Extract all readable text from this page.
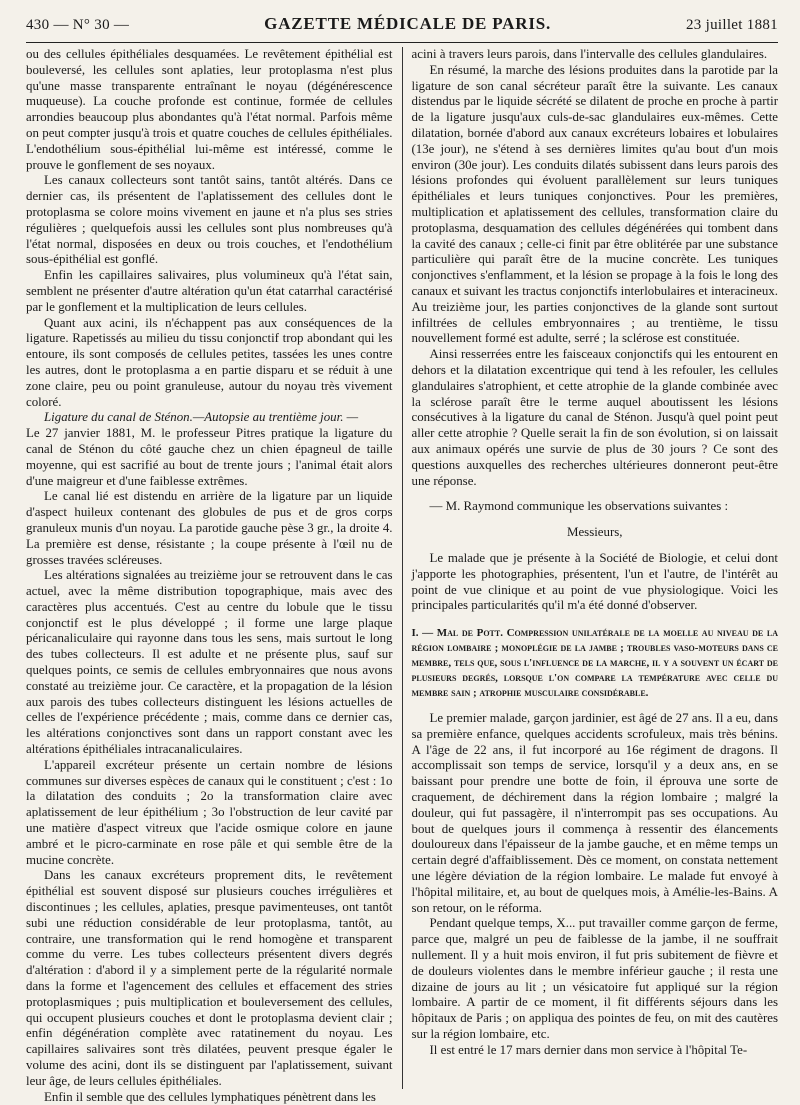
430 — N° 30 —	GAZETTE MÉDICALE DE PARIS.	23 juillet 1881

ou des cellules épithéliales desquamées. Le revêtement épithélial est bouleversé, les cellules sont aplaties, leur protoplasma n'est plus qu'une masse transparente entraînant le noyau (dégénérescence muqueuse). La couche profonde est continue, formée de cellules arrondies beaucoup plus abondantes qu'à l'état normal. Parfois même on peut compter jusqu'à trois et quatre couches de cellules épithéliales. L'endothélium sous-épithélial lui-même est intéressé, comme le prouve le gonflement de ses noyaux.

Les canaux collecteurs sont tantôt sains, tantôt altérés. Dans ce dernier cas, ils présentent de l'aplatissement des cellules dont le protoplasma se colore moins vivement en jaune et n'a plus ses stries régulières ; quelquefois aussi les cellules sont plus nombreuses qu'à l'état normal, disposées en deux ou trois couches, et l'endothélium sous-épithélial est gonflé.

Enfin les capillaires salivaires, plus volumineux qu'à l'état sain, semblent ne présenter d'autre altération qu'un état catarrhal caractérisé par le gonflement et la multiplication de leurs cellules.

Quant aux acini, ils n'échappent pas aux conséquences de la ligature. Rapetissés au milieu du tissu conjonctif trop abondant qui les entoure, ils sont composés de cellules petites, tassées les unes contre les autres, dont le protoplasma a en partie disparu et se réduit à une zone claire, peu ou point granuleuse, autour du noyau très vivement coloré.

Ligature du canal de Sténon.—Autopsie au trentième jour. —

Le 27 janvier 1881, M. le professeur Pitres pratique la ligature du canal de Sténon du côté gauche chez un chien épagneul de taille moyenne, qui est sacrifié au bout de trente jours ; l'animal était alors d'une maigreur et d'une faiblesse extrêmes.

Le canal lié est distendu en arrière de la ligature par un liquide d'aspect huileux contenant des globules de pus et de gros corps granuleux munis d'un noyau. La parotide gauche pèse 3 gr., la droite 4. La première est dense, résistante ; la coupe présente à l'œil nu de grosses travées scléreuses.

Les altérations signalées au treizième jour se retrouvent dans le cas actuel, avec la même distribution topographique, mais avec des caractères plus accentués. C'est au centre du lobule que le tissu conjonctif est le plus développé ; il forme une large plaque péricanaliculaire qui rayonne dans tous les sens, mais surtout le long des tubes collecteurs. Il est adulte et ne présente plus, sauf sur quelques points, ce semis de cellules embryonnaires que nous avons constaté au treizième jour. Ce caractère, et la propagation de la lésion aux parois des tubes collecteurs distinguent les lésions actuelles de celles de l'expérience précédente ; mais, comme dans ce dernier cas, les altérations conjonctives sont dans un rapport constant avec les altérations épithéliales intracanaliculaires.

L'appareil excréteur présente un certain nombre de lésions communes sur diverses espèces de canaux qui le constituent ; c'est : 1o la dilatation des conduits ; 2o la transformation claire avec aplatissement de leur épithélium ; 3o l'obstruction de leur cavité par une matière d'aspect vitreux que l'acide osmique colore en jaune ambré et le picro-carminate en rose pâle et qui semble être de la mucine concrète.

Dans les canaux excréteurs proprement dits, le revêtement épithélial est souvent disposé sur plusieurs couches irrégulières et discontinues ; les cellules, aplaties, presque pavimenteuses, ont tantôt subi une réduction considérable de leur protoplasma, tantôt, au contraire, une transformation qui le rend homogène et transparent comme du verre. Les tubes collecteurs présentent divers degrés d'altération : d'abord il y a simplement perte de la régularité normale dans la forme et l'agencement des cellules et effacement des stries protoplasmiques ; puis multiplication et bouleversement des cellules, qui occupent plusieurs couches et dont le protoplasma devient clair ; enfin dégénération complète avec ratatinement du noyau. Les capillaires salivaires sont très dilatées, peuvent presque égaler le volume des acini, dont ils se distinguent par l'aplatissement, suivant leur âge, de leurs cellules épithéliales.

Enfin il semble que des cellules lymphatiques pénètrent dans les

acini à travers leurs parois, dans l'intervalle des cellules glandulaires.

En résumé, la marche des lésions produites dans la parotide par la ligature de son canal sécréteur paraît être la suivante. Les canaux distendus par le liquide sécrété se dilatent de proche en proche à partir de la ligature jusqu'aux culs-de-sac glandulaires eux-mêmes. Cette dilatation, bornée d'abord aux canaux excréteurs lobaires et lobulaires (13e jour), ne s'étend à ses dernières limites qu'au bout d'un mois environ (30e jour). Les conduits dilatés subissent dans leurs parois des lésions profondes qui évoluent parallèlement sur leurs tuniques épithéliales et leurs tuniques conjonctives. Pour les premières, multiplication et aplatissement des cellules, transformation claire du protoplasma, desquamation des cellules dégénérées qui tombent dans la cavité des canaux ; celle-ci finit par être oblitérée par une substance particulière qui paraît être de la mucine concrète. Les tuniques conjonctives s'enflamment, et la lésion se propage à la fois le long des canaux et suivant les tractus conjonctifs interlobulaires et interacineux. Au treizième jour, les parties conjonctives de la glande sont surtout infiltrées de cellules embryonnaires ; au trentième, le tissu nouvellement formé est adulte, serré ; la sclérose est constituée.

Ainsi resserrées entre les faisceaux conjonctifs qui les entourent en dehors et la dilatation excentrique qui tend à les refouler, les cellules glandulaires s'atrophient, et cette atrophie de la glande combinée avec la sclérose paraît être le terme auquel aboutissent les lésions consécutives à la ligature du canal de Sténon. Jusqu'à quel point peut aller cette atrophie ? Quelle serait la fin de son évolution, si on laissait aux animaux opérés une survie de plus de 30 jours ? Ce sont des questions auxquelles des recherches ultérieures donneront peut-être une réponse.

— M. Raymond communique les observations suivantes :

Messieurs,

Le malade que je présente à la Société de Biologie, et celui dont j'apporte les photographies, présentent, l'un et l'autre, de l'intérêt au point de vue clinique et au point de vue physiologique. Voici les principales particularités qu'il m'a été donné d'observer.

I. — Mal de Pott. Compression unilatérale de la moelle au niveau de la région lombaire ; monoplégie de la jambe ; troubles vaso-moteurs dans ce membre, tels que, sous l'influence de la marche, il y a souvent un écart de plusieurs degrés, lorsque l'on compare la température avec celle du membre sain ; atrophie musculaire considérable.

Le premier malade, garçon jardinier, est âgé de 27 ans. Il a eu, dans sa première enfance, quelques accidents scrofuleux, mais très bénins. A l'âge de 22 ans, il fut incorporé au 16e régiment de dragons. Il accomplissait son temps de service, lorsqu'il y a deux ans, en se baissant pour prendre une botte de foin, il éprouva une sorte de craquement, de déchirement dans la région lombaire ; malgré la douleur, qui fut passagère, il n'interrompit pas ses occupations. Au bout de quelques jours il commença à ressentir des élancements douloureux dans l'épaisseur de la jambe gauche, et en même temps un certain degré d'affaiblissement. Dès ce moment, on constata nettement une légère déviation de la région lombaire. Le malade fut envoyé à l'hôpital militaire, et, au bout de quelques mois, à Amélie-les-Bains. A son retour, on le réforma.

Pendant quelque temps, X... put travailler comme garçon de ferme, parce que, malgré un peu de faiblesse de la jambe, il ne souffrait nullement. Il y a huit mois environ, il fut pris subitement de fièvre et de douleurs violentes dans le membre inférieur gauche ; il resta une dizaine de jours au lit ; un vésicatoire fut appliqué sur la région lombaire. A partir de ce moment, il fit différents séjours dans les hôpitaux de Paris ; on appliqua des pointes de feu, on mit des cautères sur la région lombaire, etc.

Il est entré le 17 mars dernier dans mon service à l'hôpital Te-
